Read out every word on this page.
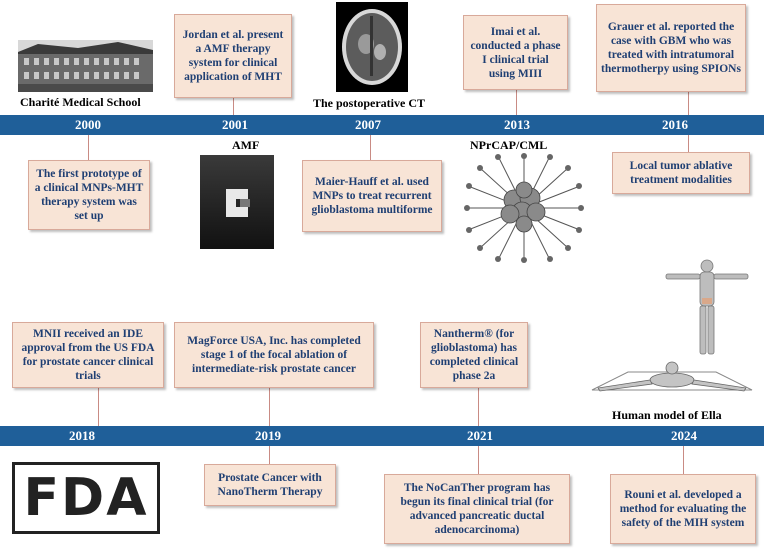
2000	2001	2007	2013	2016
Charité Medical School
Jordan et al. present a AMF therapy system for clinical application of MHT
The postoperative CT
Imai et al. conducted a phase I clinical trial using MIII
Grauer et al. reported the case with GBM who was treated with intratumoral thermotherpy using SPIONs
The first prototype of a clinical MNPs-MHT therapy system was set up
AMF
Maier-Hauff et al. used MNPs to treat recurrent glioblastoma multiforme
NPrCAP/CML
Local tumor ablative treatment modalities
Human model of Ella
2018	2019	2021	2024
MNII received an IDE approval from the US FDA for prostate cancer clinical trials
MagForce USA, Inc. has completed stage 1 of the focal ablation of intermediate-risk prostate cancer
Nantherm® (for glioblastoma) has completed clinical phase 2a
FDA	Prostate Cancer with NanoTherm Therapy	The NoCanTher program has begun its final clinical trial (for advanced pancreatic ductal adenocarcinoma)
Rouni et al. developed a method for evaluating the safety of the MIH system
